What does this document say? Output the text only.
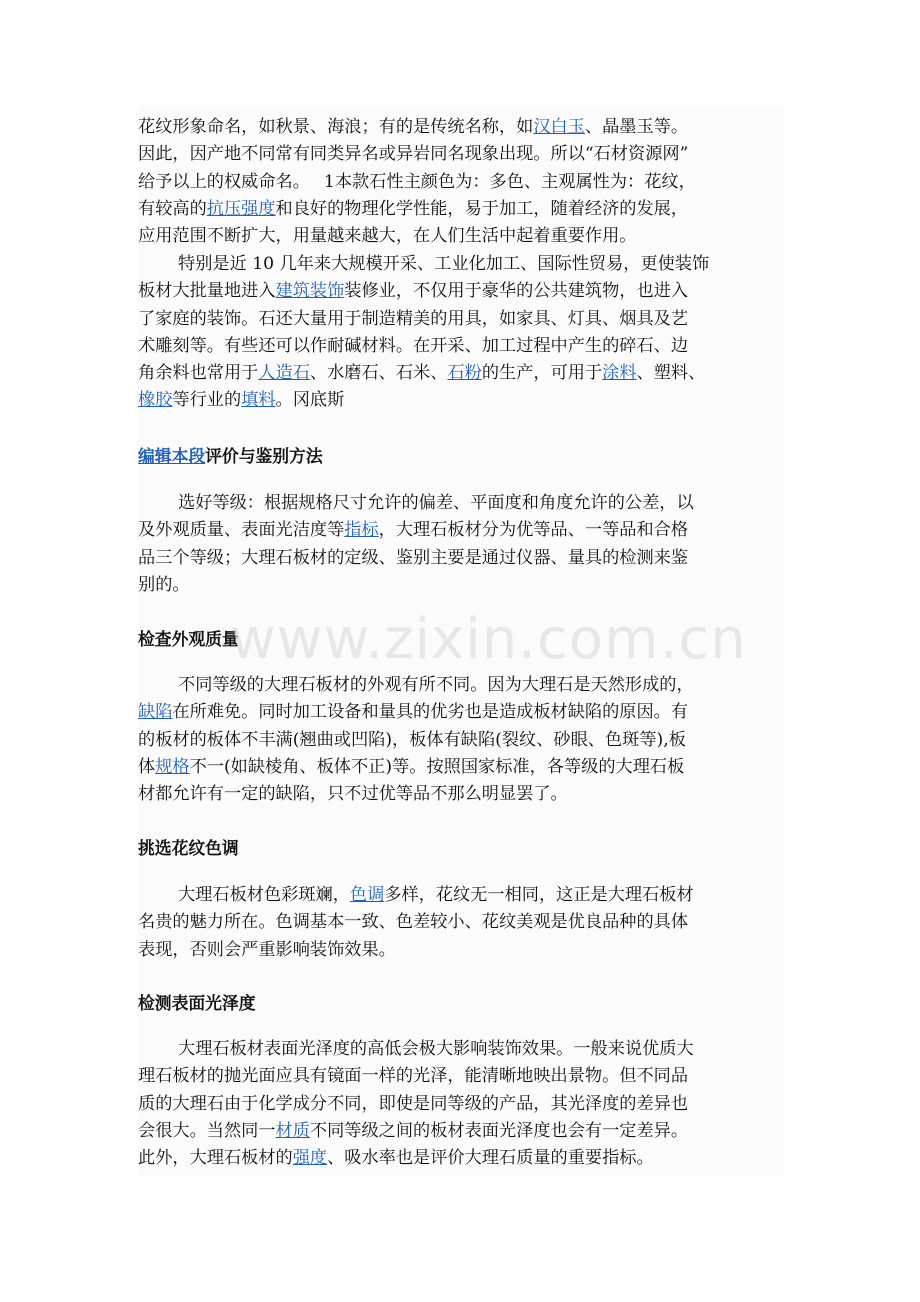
花纹形象命名，如秋景、海浪；有的是传统名称，如汉白玉、晶墨玉等。
因此，因产地不同常有同类异名或异岩同名现象出现。所以“石材资源网”
给予以上的权威命名。　 1本款石性主颜色为：多色、主观属性为：花纹，
有较高的抗压强度和良好的物理化学性能，易于加工，随着经济的发展，
应用范围不断扩大，用量越来越大，在人们生活中起着重要作用。
特别是近 10 几年来大规模开采、工业化加工、国际性贸易，更使装饰
板材大批量地进入建筑装饰装修业，不仅用于豪华的公共建筑物，也进入
了家庭的装饰。石还大量用于制造精美的用具，如家具、灯具、烟具及艺
术雕刻等。有些还可以作耐碱材料。在开采、加工过程中产生的碎石、边
角余料也常用于人造石、水磨石、石米、石粉的生产，可用于涂料、塑料、
橡胶等行业的填料。冈底斯
编辑本段评价与鉴别方法
选好等级：根据规格尺寸允许的偏差、平面度和角度允许的公差，以
及外观质量、表面光洁度等指标，大理石板材分为优等品、一等品和合格
品三个等级；大理石板材的定级、鉴别主要是通过仪器、量具的检测来鉴
别的。
检查外观质量
不同等级的大理石板材的外观有所不同。因为大理石是天然形成的，
缺陷在所难免。同时加工设备和量具的优劣也是造成板材缺陷的原因。有
的板材的板体不丰满(翘曲或凹陷)，板体有缺陷(裂纹、砂眼、色斑等),板
体规格不一(如缺棱角、板体不正)等。按照国家标准，各等级的大理石板
材都允许有一定的缺陷，只不过优等品不那么明显罢了。
挑选花纹色调
大理石板材色彩斑斓，色调多样，花纹无一相同，这正是大理石板材
名贵的魅力所在。色调基本一致、色差较小、花纹美观是优良品种的具体
表现，否则会严重影响装饰效果。
检测表面光泽度
大理石板材表面光泽度的高低会极大影响装饰效果。一般来说优质大
理石板材的抛光面应具有镜面一样的光泽，能清晰地映出景物。但不同品
质的大理石由于化学成分不同，即使是同等级的产品，其光泽度的差异也
会很大。当然同一材质不同等级之间的板材表面光泽度也会有一定差异。
此外，大理石板材的强度、吸水率也是评价大理石质量的重要指标。
www.zixin.com.cn
